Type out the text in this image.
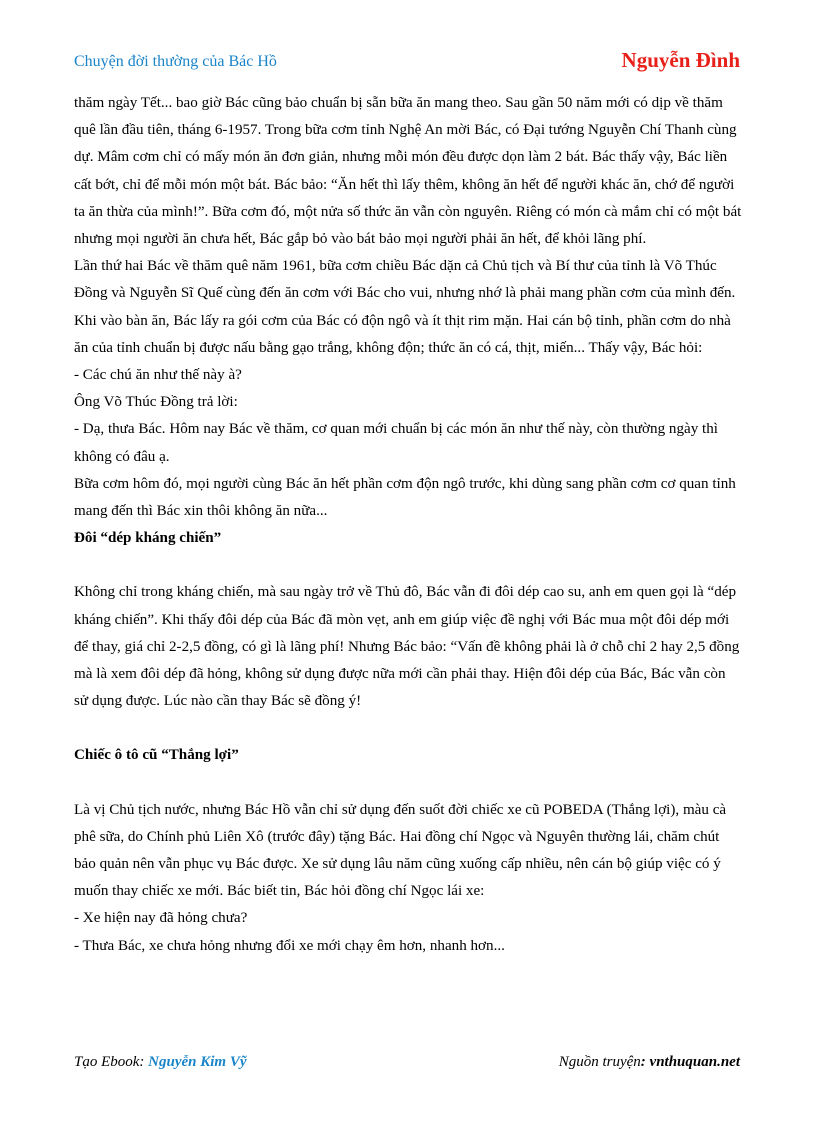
Chuyện đời thường của Bác Hồ	Nguyễn Đình

thăm ngày Tết... bao giờ Bác cũng bảo chuẩn bị sẵn bữa ăn mang theo. Sau gần 50 năm mới có dịp về thăm quê lần đầu tiên, tháng 6-1957. Trong bữa cơm tỉnh Nghệ An mời Bác, có Đại tướng Nguyễn Chí Thanh cùng dự. Mâm cơm chỉ có mấy món ăn đơn giản, nhưng mỗi món đều được dọn làm 2 bát. Bác thấy vậy, Bác liền cất bớt, chỉ để mỗi món một bát. Bác bảo: “Ăn hết thì lấy thêm, không ăn hết để người khác ăn, chớ để người ta ăn thừa của mình!”. Bữa cơm đó, một nửa số thức ăn vẫn còn nguyên. Riêng có món cà mắm chỉ có một bát nhưng mọi người ăn chưa hết, Bác gắp bỏ vào bát bảo mọi người phải ăn hết, để khỏi lãng phí.

Lần thứ hai Bác về thăm quê năm 1961, bữa cơm chiều Bác dặn cả Chủ tịch và Bí thư của tỉnh là Võ Thúc Đồng và Nguyễn Sĩ Quế cùng đến ăn cơm với Bác cho vui, nhưng nhớ là phải mang phần cơm của mình đến. Khi vào bàn ăn, Bác lấy ra gói cơm của Bác có độn ngô và ít thịt rim mặn. Hai cán bộ tỉnh, phần cơm do nhà ăn của tỉnh chuẩn bị được nấu bằng gạo trắng, không độn; thức ăn có cá, thịt, miến... Thấy vậy, Bác hỏi:

- Các chú ăn như thế này à?

Ông Võ Thúc Đồng trả lời:

- Dạ, thưa Bác. Hôm nay Bác về thăm, cơ quan mới chuẩn bị các món ăn như thế này, còn thường ngày thì không có đâu ạ.

Bữa cơm hôm đó, mọi người cùng Bác ăn hết phần cơm độn ngô trước, khi dùng sang phần cơm cơ quan tỉnh mang đến thì Bác xin thôi không ăn nữa...

Đôi “dép kháng chiến”

Không chỉ trong kháng chiến, mà sau ngày trở về Thủ đô, Bác vẫn đi đôi dép cao su, anh em quen gọi là “dép kháng chiến”. Khi thấy đôi dép của Bác đã mòn vẹt, anh em giúp việc đề nghị với Bác mua một đôi dép mới để thay, giá chỉ 2-2,5 đồng, có gì là lãng phí! Nhưng Bác bảo: “Vấn đề không phải là ở chỗ chỉ 2 hay 2,5 đồng mà là xem đôi dép đã hỏng, không sử dụng được nữa mới cần phải thay. Hiện đôi dép của Bác, Bác vẫn còn sử dụng được. Lúc nào cần thay Bác sẽ đồng ý!

Chiếc ô tô cũ “Thắng lợi”

Là vị Chủ tịch nước, nhưng Bác Hồ vẫn chỉ sử dụng đến suốt đời chiếc xe cũ POBEDA (Thắng lợi), màu cà phê sữa, do Chính phủ Liên Xô (trước đây) tặng Bác. Hai đồng chí Ngọc và Nguyên thường lái, chăm chút bảo quản nên vẫn phục vụ Bác được. Xe sử dụng lâu năm cũng xuống cấp nhiều, nên cán bộ giúp việc có ý muốn thay chiếc xe mới. Bác biết tin, Bác hỏi đồng chí Ngọc lái xe:

- Xe hiện nay đã hỏng chưa?

- Thưa Bác, xe chưa hỏng nhưng đổi xe mới chạy êm hơn, nhanh hơn...

Tạo Ebook: Nguyễn Kim Vỹ	Nguồn truyện: vnthuquan.net
